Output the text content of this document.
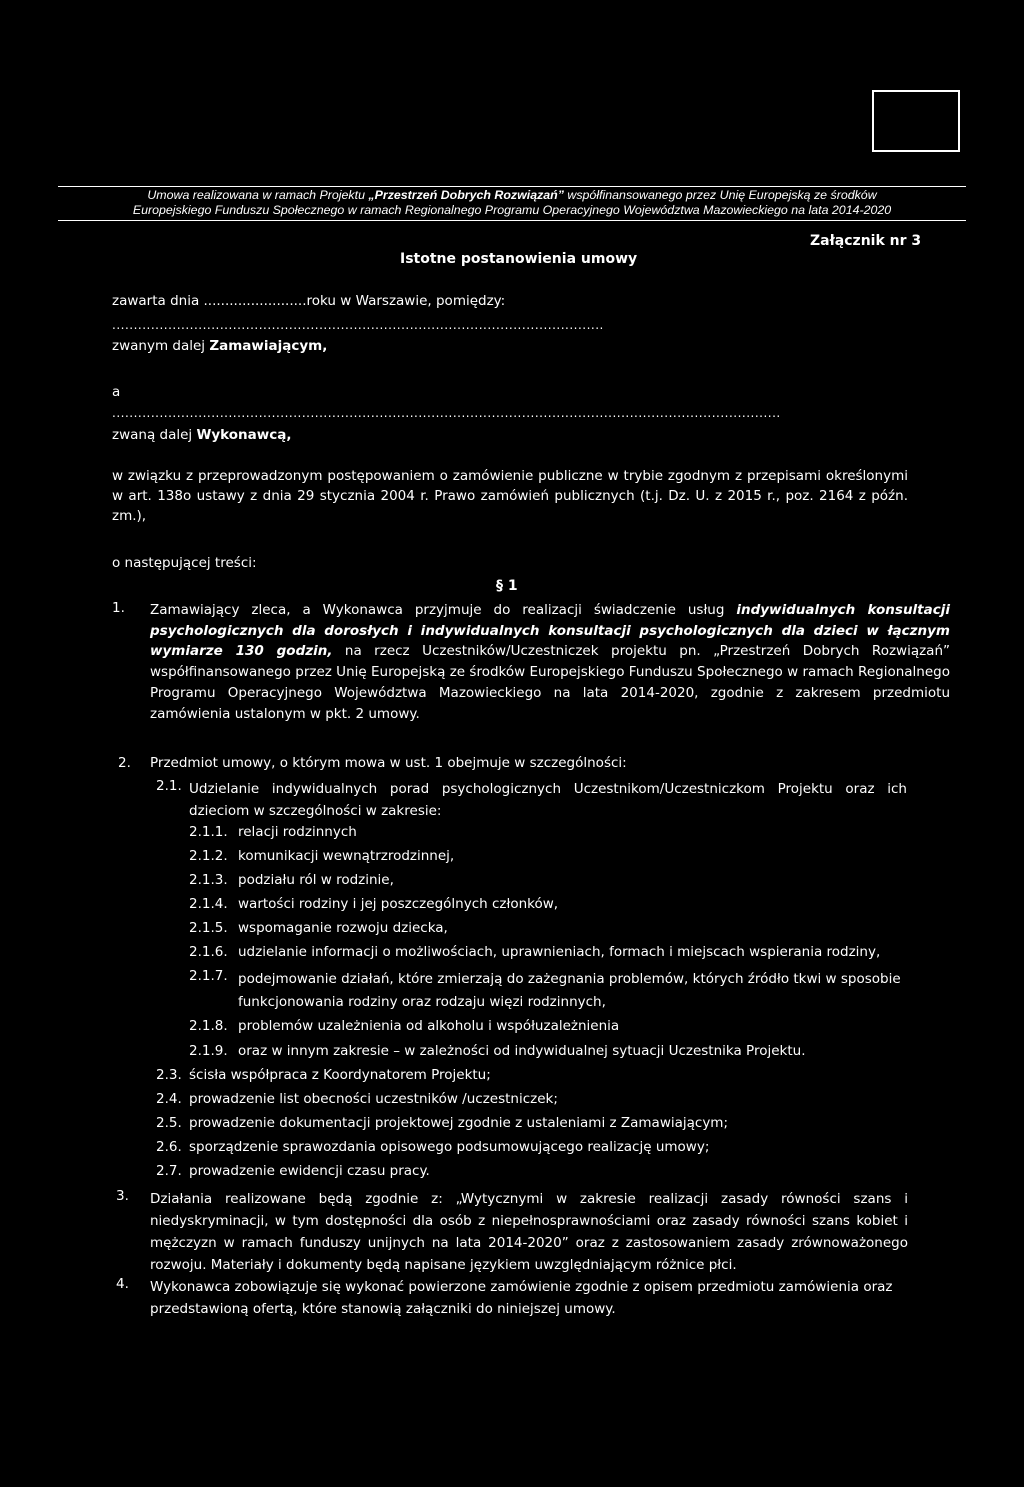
Umowa realizowana w ramach Projektu „Przestrzeń Dobrych Rozwiązań” współfinansowanego przez Unię Europejską ze środków
Europejskiego Funduszu Społecznego w ramach Regionalnego Programu Operacyjnego Województwa Mazowieckiego na lata 2014-2020
Załącznik nr 3
Istotne postanowienia umowy
zawarta dnia ........................roku w Warszawie, pomiędzy:
..................................................................................................................
zwanym dalej Zamawiającym,
a
...........................................................................................................................................................
zwaną dalej Wykonawcą,
w związku z przeprowadzonym postępowaniem o zamówienie publiczne w trybie zgodnym z przepisami określonymi w art. 138o ustawy z dnia 29 stycznia 2004 r. Prawo zamówień publicznych (t.j. Dz. U. z 2015 r., poz. 2164 z późn. zm.),
o następującej treści:
§ 1
1. Zamawiający zleca, a Wykonawca przyjmuje do realizacji świadczenie usług indywidualnych konsultacji psychologicznych dla dorosłych i indywidualnych konsultacji psychologicznych dla dzieci w łącznym wymiarze 130 godzin, na rzecz Uczestników/Uczestniczek projektu pn. „Przestrzeń Dobrych Rozwiązań” współfinansowanego przez Unię Europejską ze środków Europejskiego Funduszu Społecznego w ramach Regionalnego Programu Operacyjnego Województwa Mazowieckiego na lata 2014-2020, zgodnie z zakresem przedmiotu zamówienia ustalonym w pkt. 2 umowy.
2. Przedmiot umowy, o którym mowa w ust. 1 obejmuje w szczególności:
2.1. Udzielanie indywidualnych porad psychologicznych Uczestnikom/Uczestniczkom Projektu oraz ich dzieciom w szczególności w zakresie:
2.1.1. relacji rodzinnych
2.1.2. komunikacji wewnątrzrodzinnej,
2.1.3. podziału ról w rodzinie,
2.1.4. wartości rodziny i jej poszczególnych członków,
2.1.5. wspomaganie rozwoju dziecka,
2.1.6. udzielanie informacji o możliwościach, uprawnieniach, formach i miejscach wspierania rodziny,
2.1.7. podejmowanie działań, które zmierzają do zażegnania problemów, których źródło tkwi w sposobie funkcjonowania rodziny oraz rodzaju więzi rodzinnych,
2.1.8. problemów uzależnienia od alkoholu i współuzależnienia
2.1.9. oraz w innym zakresie – w zależności od indywidualnej sytuacji Uczestnika Projektu.
2.3. ścisła współpraca z Koordynatorem Projektu;
2.4. prowadzenie list obecności uczestników /uczestniczek;
2.5. prowadzenie dokumentacji projektowej zgodnie z ustaleniami z Zamawiającym;
2.6. sporządzenie sprawozdania opisowego podsumowującego realizację umowy;
2.7. prowadzenie ewidencji czasu pracy.
3. Działania realizowane będą zgodnie z: „Wytycznymi w zakresie realizacji zasady równości szans i niedyskryminacji, w tym dostępności dla osób z niepełnosprawnościami oraz zasady równości szans kobiet i mężczyzn w ramach funduszy unijnych na lata 2014-2020” oraz z zastosowaniem zasady zrównoważonego rozwoju. Materiały i dokumenty będą napisane językiem uwzględniającym różnice płci.
4. Wykonawca zobowiązuje się wykonać powierzone zamówienie zgodnie z opisem przedmiotu zamówienia oraz przedstawioną ofertą, które stanowią załączniki do niniejszej umowy.
